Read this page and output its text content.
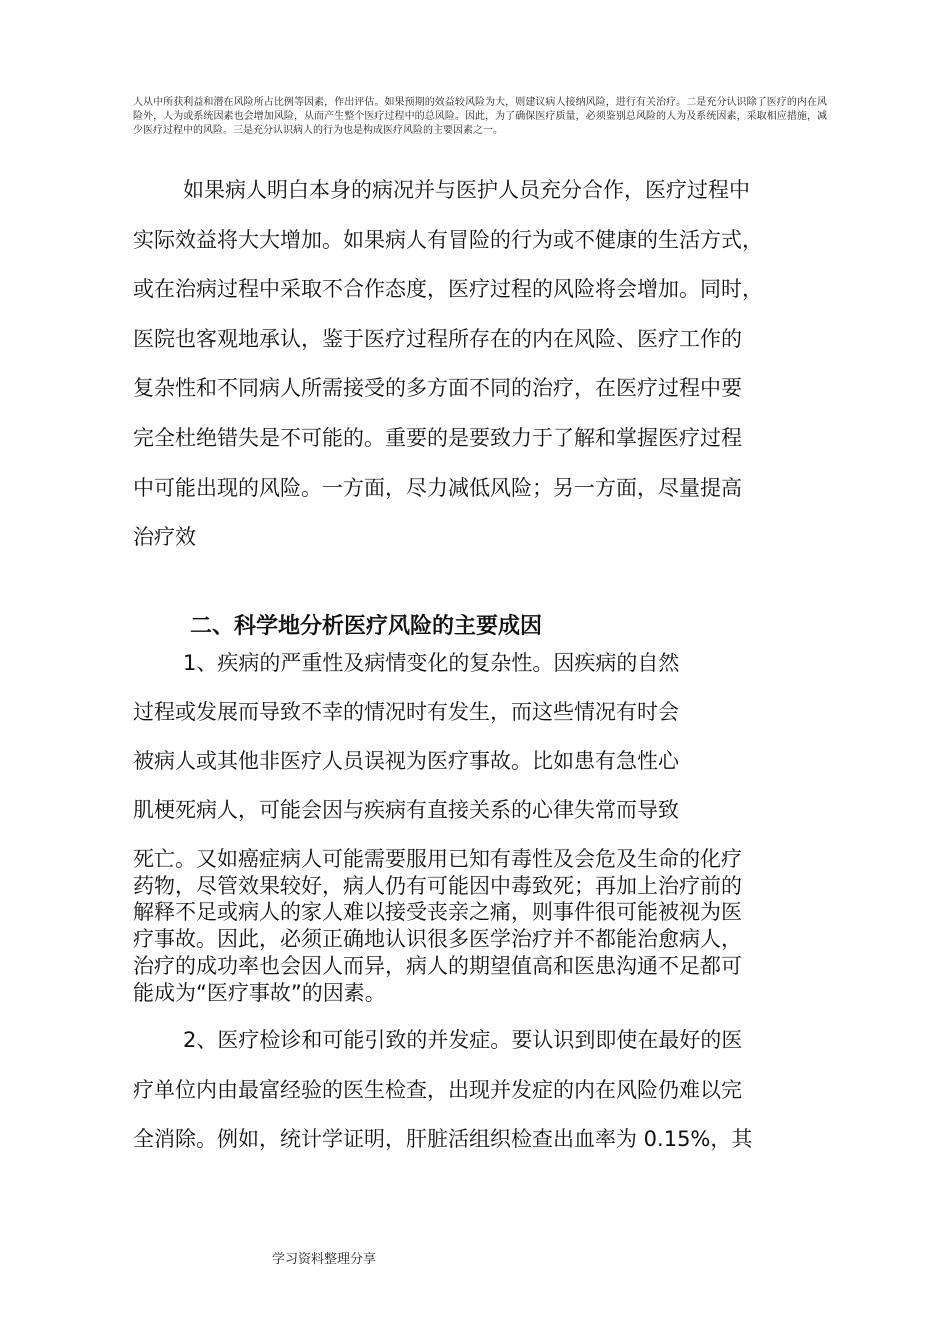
人从中所获利益和潜在风险所占比例等因素，作出评估。如果预期的效益较风险为大，则建议病人接纳风险，进行有关治疗。二是充分认识除了医疗的内在风险外，人为或系统因素也会增加风险，从而产生整个医疗过程中的总风险。因此，为了确保医疗质量，必须鉴别总风险的人为及系统因素，采取相应措施，减少医疗过程中的风险。三是充分认识病人的行为也是构成医疗风险的主要因素之一。

如果病人明白本身的病况并与医护人员充分合作，医疗过程中

实际效益将大大增加。如果病人有冒险的行为或不健康的生活方式，

或在治病过程中采取不合作态度，医疗过程的风险将会增加。同时，

医院也客观地承认，鉴于医疗过程所存在的内在风险、医疗工作的

复杂性和不同病人所需接受的多方面不同的治疗，在医疗过程中要

完全杜绝错失是不可能的。重要的是要致力于了解和掌握医疗过程

中可能出现的风险。一方面，尽力减低风险；另一方面，尽量提高

治疗效

二、科学地分析医疗风险的主要成因

1、疾病的严重性及病情变化的复杂性。因疾病的自然

过程或发展而导致不幸的情况时有发生，而这些情况有时会

被病人或其他非医疗人员误视为医疗事故。比如患有急性心

肌梗死病人，可能会因与疾病有直接关系的心律失常而导致

死亡。又如癌症病人可能需要服用已知有毒性及会危及生命的化疗

药物，尽管效果较好，病人仍有可能因中毒致死；再加上治疗前的

解释不足或病人的家人难以接受丧亲之痛，则事件很可能被视为医

疗事故。因此，必须正确地认识很多医学治疗并不都能治愈病人，

治疗的成功率也会因人而异，病人的期望值高和医患沟通不足都可

能成为“医疗事故”的因素。

2、医疗检诊和可能引致的并发症。要认识到即使在最好的医

疗单位内由最富经验的医生检查，出现并发症的内在风险仍难以完

全消除。例如，统计学证明，肝脏活组织检查出血率为 0.15%，其

学习资料整理分享
